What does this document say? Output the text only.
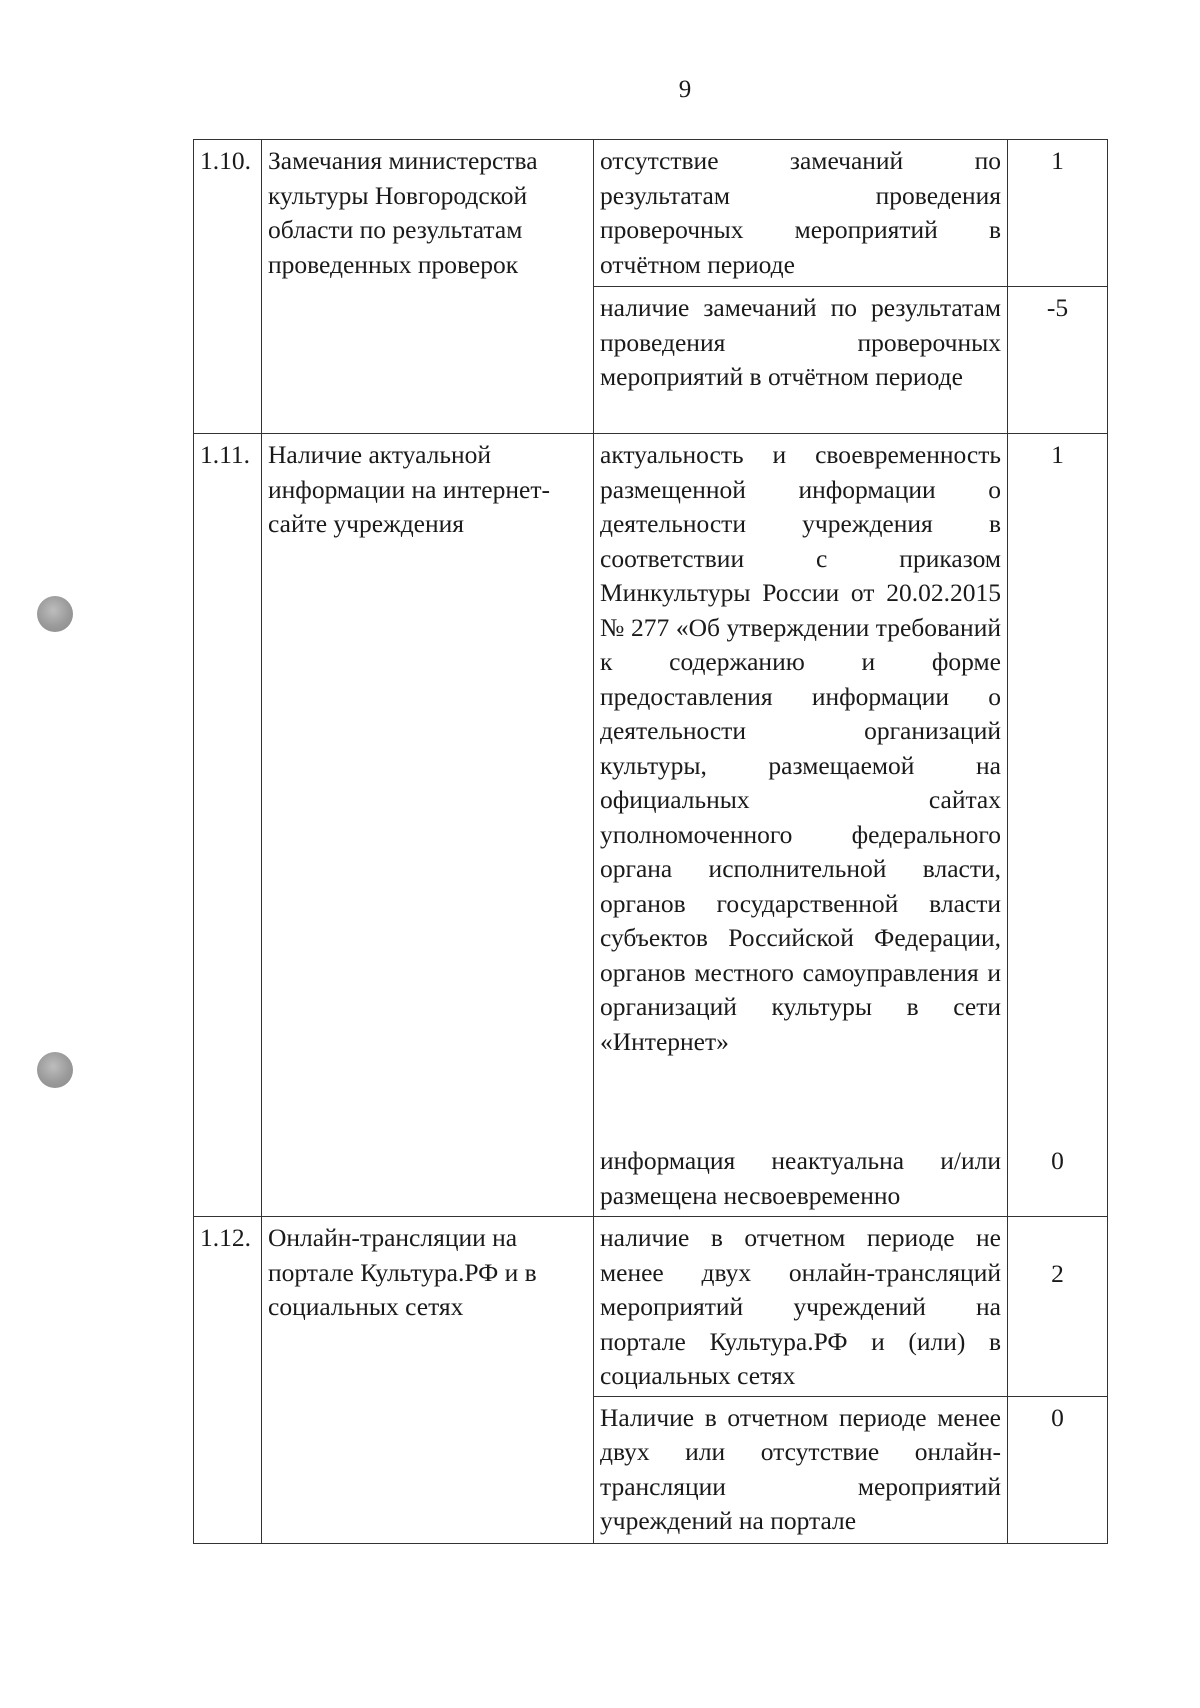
9
1.10.	Замечания министерства культуры Новгородской области по результатам проведенных проверок	отсутствие замечаний по результатам проведения проверочных мероприятий в отчётном периоде	1
		наличие замечаний по результатам проведения проверочных мероприятий в отчётном периоде	-5
1.11.	Наличие актуальной информации на интернет-сайте учреждения	актуальность и своевременность размещенной информации о деятельности учреждения в соответствии с приказом Минкультуры России от 20.02.2015 № 277 «Об утверждении требований к содержанию и форме предоставления информации о деятельности организаций культуры, размещаемой на официальных сайтах уполномоченного федерального органа исполнительной власти, органов государственной власти субъектов Российской Федерации, органов местного самоуправления и организаций культуры в сети «Интернет»	1
		информация неактуальна и/или размещена несвоевременно	0
1.12.	Онлайн-трансляции на портале Культура.РФ и в социальных сетях	наличие в отчетном периоде не менее двух онлайн-трансляций мероприятий учреждений на портале Культура.РФ и (или) в социальных сетях	2
		Наличие в отчетном периоде менее двух или отсутствие онлайн-трансляции мероприятий учреждений на портале	0
